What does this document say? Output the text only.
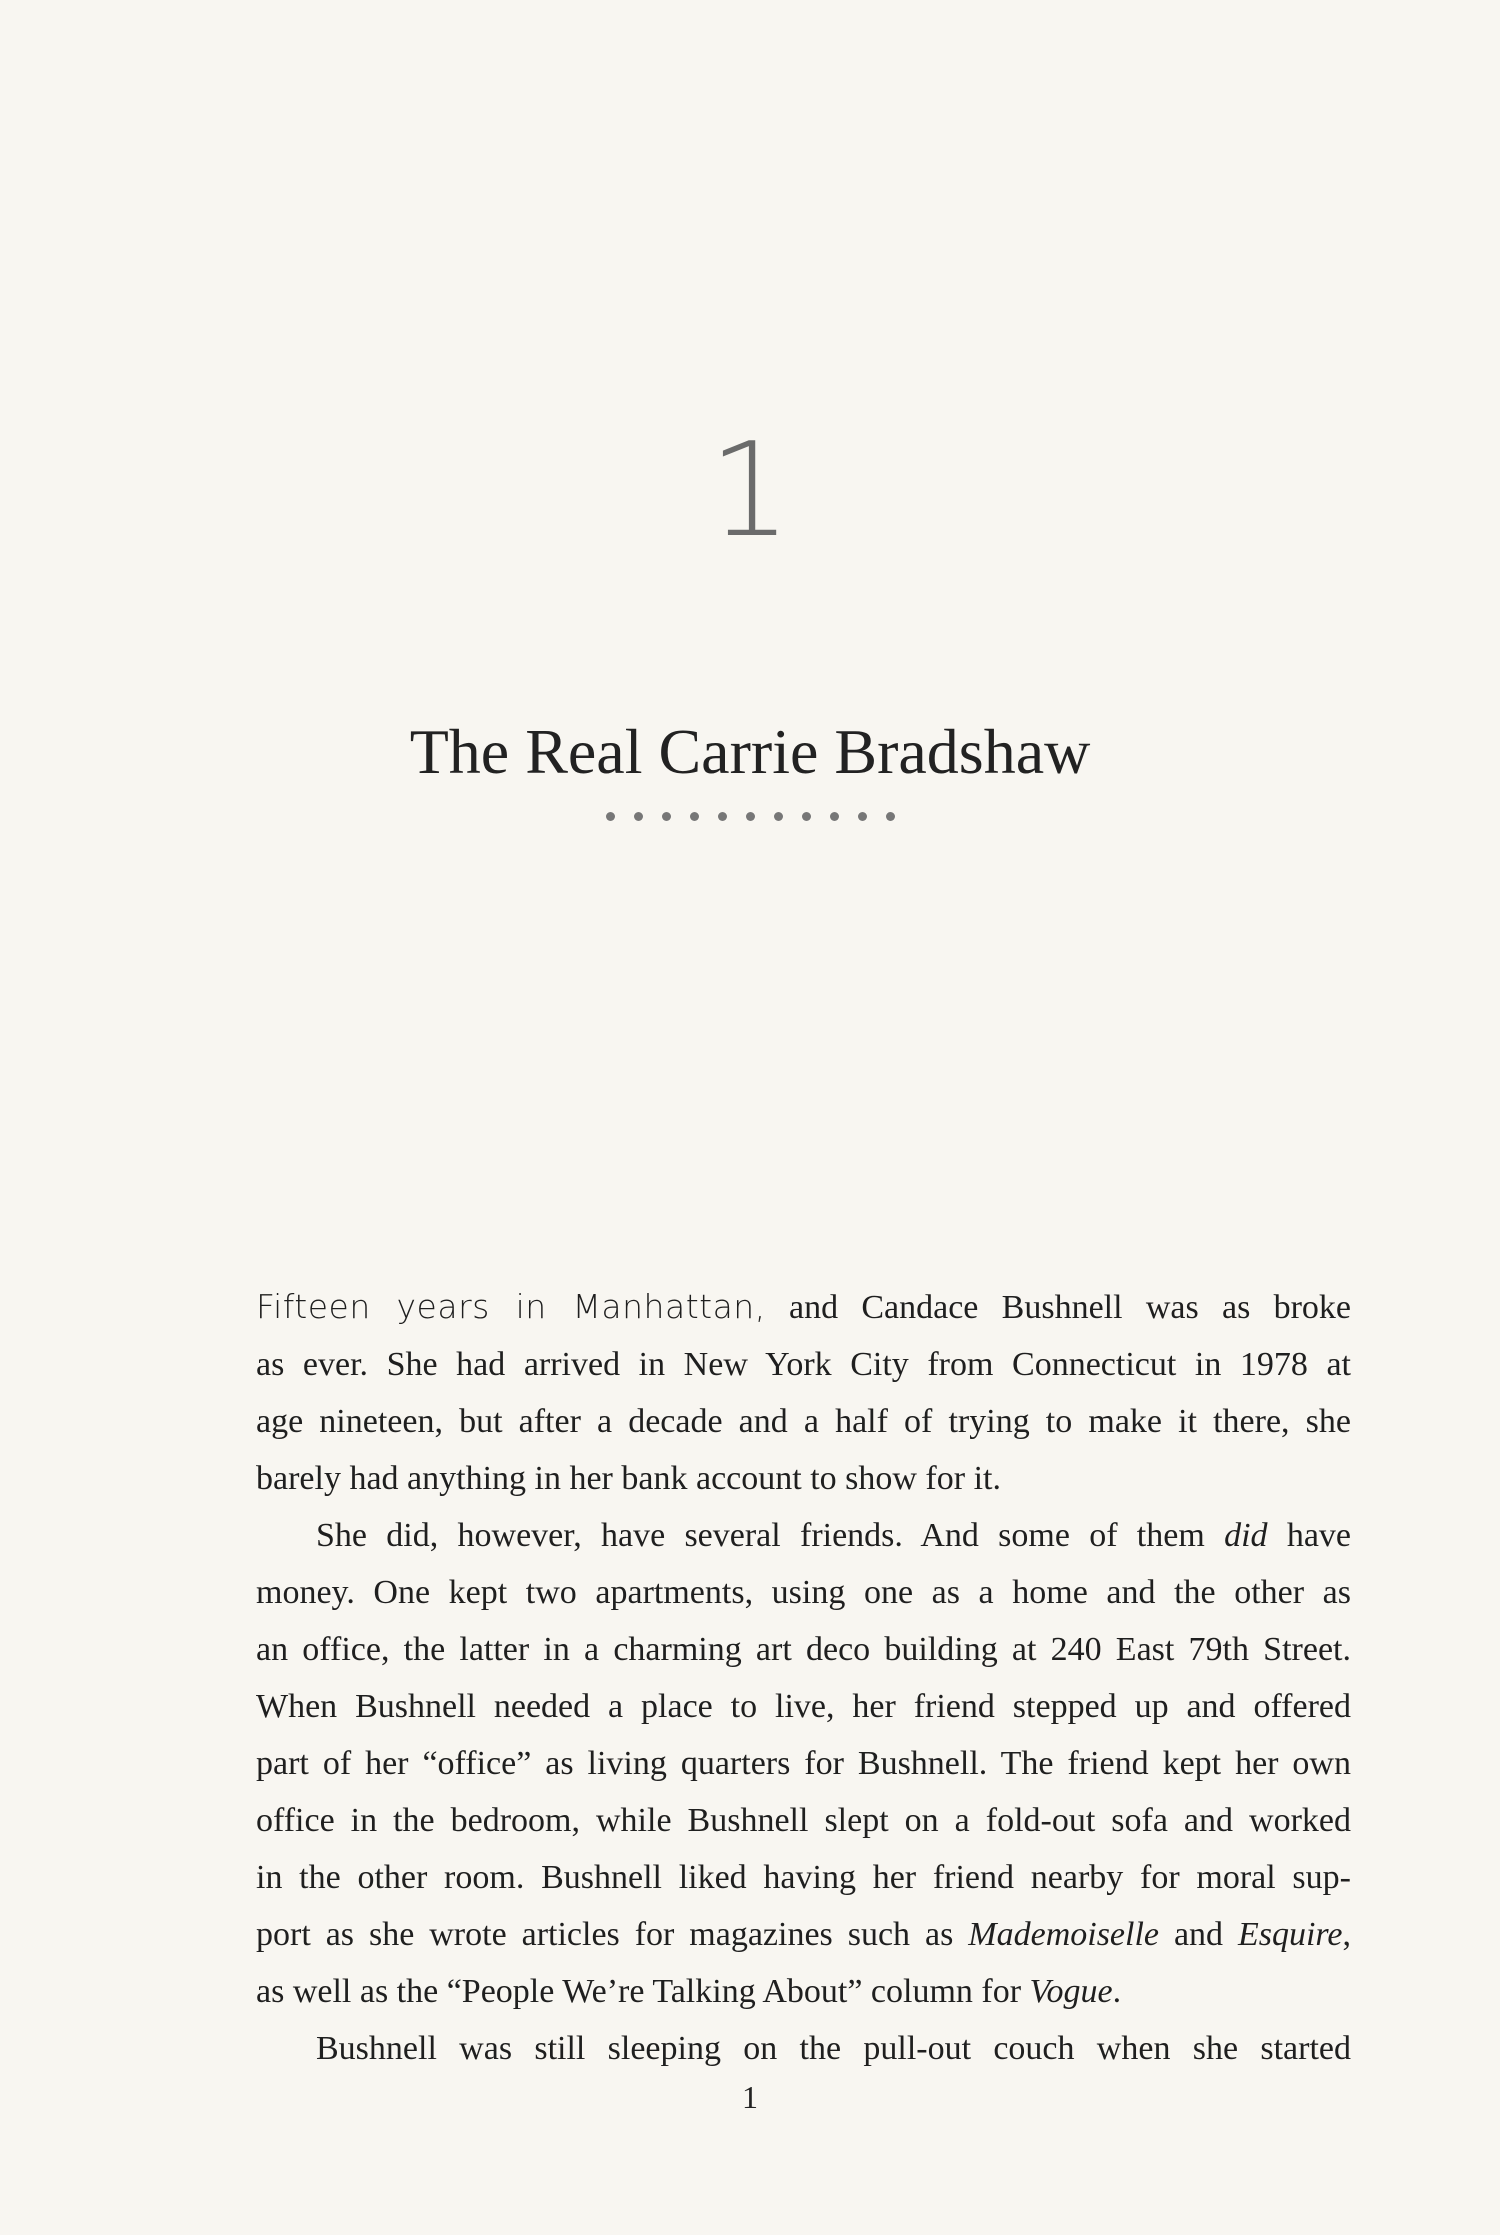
1
The Real Carrie Bradshaw

Fifteen years in Manhattan, and Candace Bushnell was as broke
as ever. She had arrived in New York City from Connecticut in 1978 at
age nineteen, but after a decade and a half of trying to make it there, she
barely had anything in her bank account to show for it.

She did, however, have several friends. And some of them did have
money. One kept two apartments, using one as a home and the other as
an office, the latter in a charming art deco building at 240 East 79th Street.
When Bushnell needed a place to live, her friend stepped up and offered
part of her “office” as living quarters for Bushnell. The friend kept her own
office in the bedroom, while Bushnell slept on a fold-out sofa and worked
in the other room. Bushnell liked having her friend nearby for moral sup-
port as she wrote articles for magazines such as Mademoiselle and Esquire,
as well as the “People We’re Talking About” column for Vogue.

Bushnell was still sleeping on the pull-out couch when she started

1
